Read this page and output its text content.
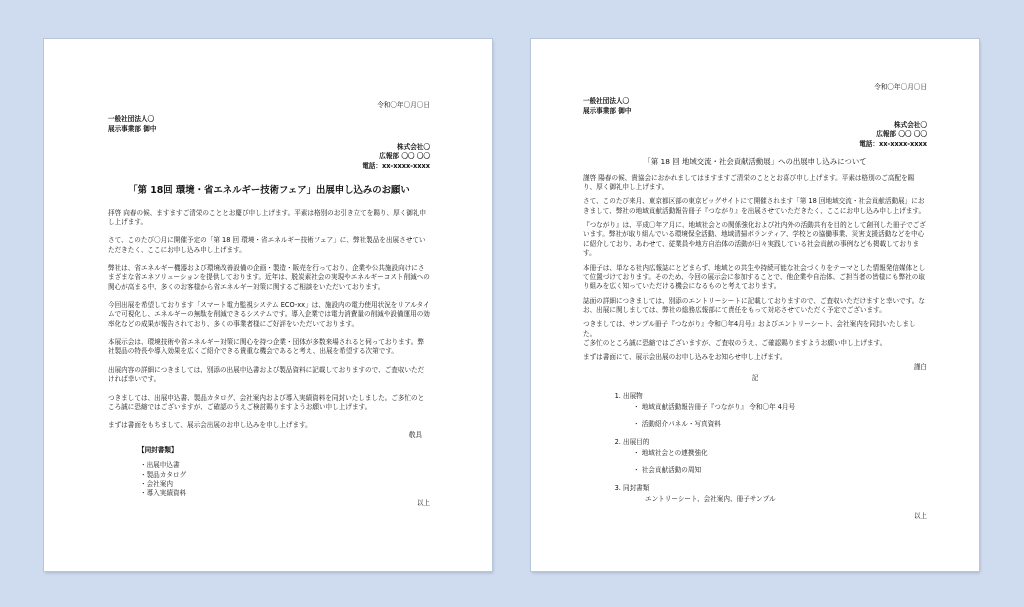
令和〇年〇月〇日

一般社団法人〇

展示事業部 御中

株式会社〇

広報部 〇〇 〇〇

電話：xx-xxxx-xxxx

「第 18回 環境・省エネルギー技術フェア」出展申し込みのお願い

拝啓 向春の候、ますますご清栄のこととお慶び申し上げます。平素は格別のお引き立てを賜り、厚く御礼申し上げます。

さて、このたび〇月に開催予定の「第 18 回 環境・省エネルギー技術フェア」に、弊社製品を出展させていただきたく、ここにお申し込み申し上げます。

弊社は、省エネルギー機器および環境改善設備の企画・製造・販売を行っており、企業や公共施設向けにさまざまな省エネソリューションを提供しております。近年は、脱炭素社会の実現やエネルギーコスト削減への関心が高まる中、多くのお客様から省エネルギー対策に関するご相談をいただいております。

今回出展を希望しております「スマート電力監視システム ECO-xx」は、施設内の電力使用状況をリアルタイムで可視化し、エネルギーの無駄を削減できるシステムです。導入企業では電力消費量の削減や設備運用の効率化などの成果が報告されており、多くの事業者様にご好評をいただいております。

本展示会は、環境技術や省エネルギー対策に関心を持つ企業・団体が多数来場されると伺っております。弊社製品の特長や導入効果を広くご紹介できる貴重な機会であると考え、出展を希望する次第です。

出展内容の詳細につきましては、別添の出展申込書および製品資料に記載しておりますので、ご査収いただければ幸いです。

つきましては、出展申込書、製品カタログ、会社案内および導入実績資料を同封いたしました。ご多忙のところ誠に恐縮ではございますが、ご確認のうえご検討賜りますようお願い申し上げます。

まずは書面をもちまして、展示会出展のお申し込みを申し上げます。

敬具

【同封書類】

・出展申込書
・製品カタログ
・会社案内
・導入実績資料

以上

令和〇年〇月〇日

一般社団法人〇

展示事業部 御中

株式会社〇

広報部 〇〇 〇〇

電話：xx-xxxx-xxxx

「第 18 回 地域交流・社会貢献活動展」への出展申し込みについて

謹啓 陽春の候、貴協会におかれましてはますますご清栄のこととお喜び申し上げます。平素は格別のご高配を賜り、厚く御礼申し上げます。

さて、このたび来月、東京都区部の東京ビッグサイトにて開催されます「第 18 回地域交流・社会貢献活動展」におきまして、弊社の地域貢献活動報告冊子『つながり』を出展させていただきたく、ここにお申し込み申し上げます。

『つながり』は、平成〇年ア月に、地域社会との関係強化および社内外の活動共有を目的として創刊した冊子でございます。弊社が取り組んでいる環境保全活動、地域清掃ボランティア、学校との協働事業、災害支援活動などを中心に紹介しており、あわせて、従業員や地方自治体の活動が日々実践している社会貢献の事例なども掲載しております。

本冊子は、単なる社内広報誌にとどまらず、地域との共生や持続可能な社会づくりをテーマとした情報発信媒体として位置づけております。そのため、今回の展示会に参加することで、他企業や自治体、ご担当者の皆様にも弊社の取り組みを広く知っていただける機会になるものと考えております。

誌面の詳細につきましては、別添のエントリーシートに記載しておりますので、ご査収いただけますと幸いです。なお、出展に関しましては、弊社の総務広報部にて責任をもって対応させていただく予定でございます。

つきましては、サンプル冊子『つながり』令和〇年4月号』およびエントリーシート、会社案内を同封いたしました。

ご多忙のところ誠に恐縮ではございますが、ご査収のうえ、ご確認賜りますようお願い申し上げます。

まずは書面にて、展示会出展のお申し込みをお知らせ申し上げます。

謹白

記

1. 出展物
・ 地域貢献活動報告冊子『つながり』 令和〇年 4月号
・ 活動紹介パネル・写真資料
2. 出展目的
・ 地域社会との連携強化
・ 社会貢献活動の周知
3. 同封書類
エントリーシート、会社案内、冊子サンプル

以上
